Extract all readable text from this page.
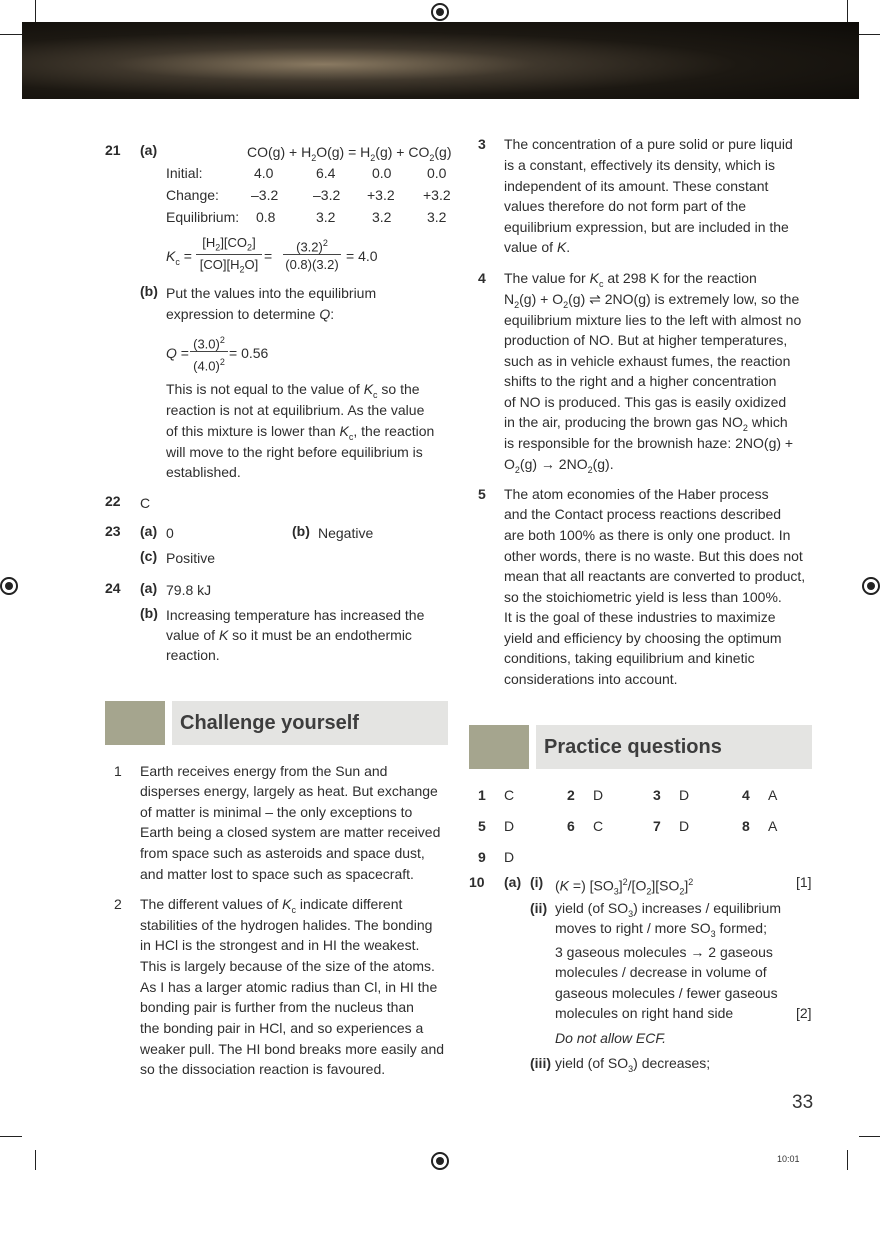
21 (a)	$CO(g) + H_2O(g) = H_2(g) + CO_2(g)$
Initial:	4.0	6.4	0.0	0.0
Change: –3.2 –3.2 +3.2 +3.2
Equilibrium: 0.8	3.2	3.2	3.2
$K_c$ =
$[H_2][CO_2]$
$[CO][H_2O]$
=
$(3.2)^2$
(0.8)(3.2)
= 4.0
(b) Put the values into the equilibrium
expression to determine Q:
Q =
$(3.0)^2$
$(4.0)^2$
= 0.56
This is not equal to the value of $K_c$ so the
reaction is not at equilibrium. As the value
of this mixture is lower than $K_c$, the reaction
will move to the right before equilibrium is
established.
22 C
23 (a) 0	(b) Negative
(c) Positive
24 (a) 79.8 kJ
(b) Increasing temperature has increased the
value of K so it must be an endothermic
reaction.
Challenge yourself
1 Earth receives energy from the Sun and
disperses energy, largely as heat. But exchange
of matter is minimal – the only exceptions to
Earth being a closed system are matter received
from space such as asteroids and space dust,
and matter lost to space such as spacecraft.
2 The different values of $K_c$ indicate different
stabilities of the hydrogen halides. The bonding
in HCl is the strongest and in HI the weakest.
This is largely because of the size of the atoms.
As I has a larger atomic radius than Cl, in HI the
bonding pair is further from the nucleus than
the bonding pair in HCl, and so experiences a
weaker pull. The HI bond breaks more easily and
so the dissociation reaction is favoured.
3 The concentration of a pure solid or pure liquid
is a constant, effectively its density, which is
independent of its amount. These constant
values therefore do not form part of the
equilibrium expression, but are included in the
value of K.
4 The value for $K_c$ at 298 K for the reaction
$N_2(g) + O_2(g)$ ⇌ 2NO(g) is extremely low, so the
equilibrium mixture lies to the left with almost no
production of NO. But at higher temperatures,
such as in vehicle exhaust fumes, the reaction
shifts to the right and a higher concentration
of NO is produced. This gas is easily oxidized
in the air, producing the brown gas $NO_2$ which
is responsible for the brownish haze: 2NO(g) +
$O_2(g) \to 2NO_2(g)$.
5 The atom economies of the Haber process
and the Contact process reactions described
are both 100% as there is only one product. In
other words, there is no waste. But this does not
mean that all reactants are converted to product,
so the stoichiometric yield is less than 100%.
It is the goal of these industries to maximize
yield and efficiency by choosing the optimum
conditions, taking equilibrium and kinetic
considerations into account.
Practice questions
1 C	2 D	3 D	4 A
5 D	6 C	7 D	8 A
9 D
10 (a) (i) (K =) $[SO_3]^2/[O_2][SO_2]^2$	[1]
(ii) yield (of $SO_3$) increases / equilibrium
moves to right / more $SO_3$ formed;
3 gaseous molecules → 2 gaseous
molecules / decrease in volume of
gaseous molecules / fewer gaseous
molecules on right hand side	[2]
Do not allow ECF.
(iii) yield (of $SO_3$) decreases;
33
10:01
